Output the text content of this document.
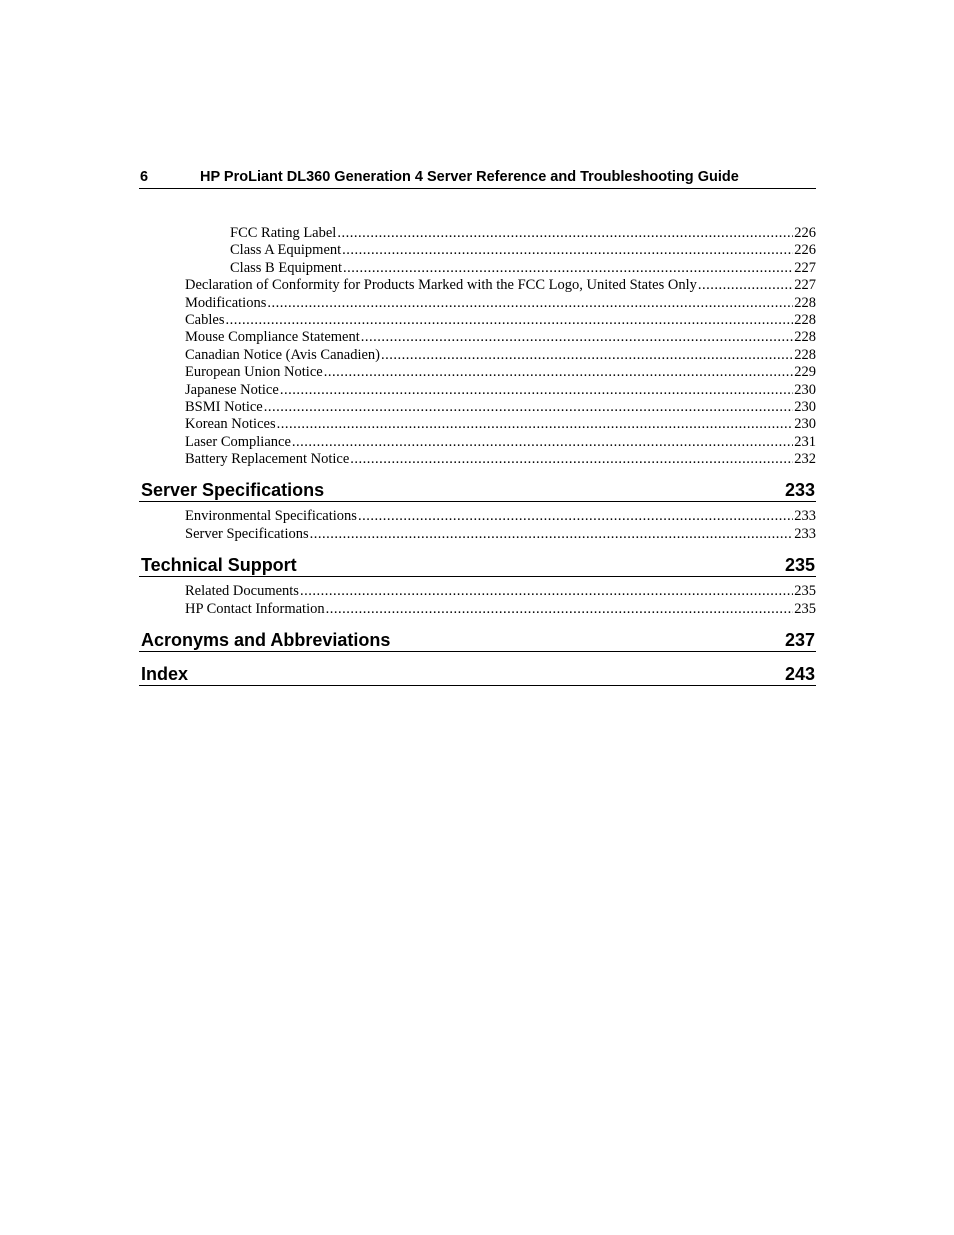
6	HP ProLiant DL360 Generation 4 Server Reference and Troubleshooting Guide
FCC Rating Label .....	226
Class A Equipment .....	226
Class B Equipment .....	227
Declaration of Conformity for Products Marked with the FCC Logo, United States Only .....	227
Modifications .....	228
Cables .....	228
Mouse Compliance Statement .....	228
Canadian Notice (Avis Canadien) .....	228
European Union Notice .....	229
Japanese Notice .....	230
BSMI Notice .....	230
Korean Notices .....	230
Laser Compliance .....	231
Battery Replacement Notice .....	232
Server Specifications	233
Environmental Specifications .....	233
Server Specifications .....	233
Technical Support	235
Related Documents .....	235
HP Contact Information .....	235
Acronyms and Abbreviations	237
Index	243
